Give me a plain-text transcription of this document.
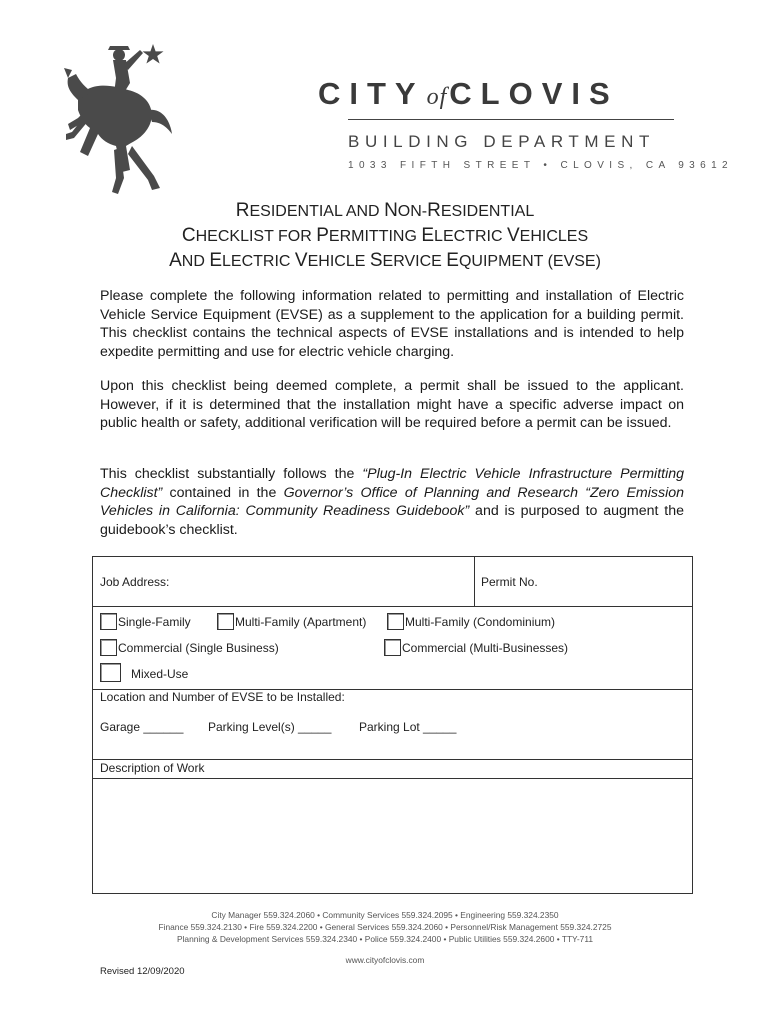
CITYofCLOVIS
BUILDING DEPARTMENT
1033 FIFTH STREET • CLOVIS, CA 93612
RESIDENTIAL AND NON-RESIDENTIAL
CHECKLIST FOR PERMITTING ELECTRIC VEHICLES
AND ELECTRIC VEHICLE SERVICE EQUIPMENT (EVSE)

Please complete the following information related to permitting and installation of Electric Vehicle Service Equipment (EVSE) as a supplement to the application for a building permit. This checklist contains the technical aspects of EVSE installations and is intended to help expedite permitting and use for electric vehicle charging.

Upon this checklist being deemed complete, a permit shall be issued to the applicant. However, if it is determined that the installation might have a specific adverse impact on public health or safety, additional verification will be required before a permit can be issued.

This checklist substantially follows the “Plug-In Electric Vehicle Infrastructure Permitting Checklist” contained in the Governor’s Office of Planning and Research “Zero Emission Vehicles in California: Community Readiness Guidebook” and is purposed to augment the guidebook’s checklist.

Job Address:	Permit No.
Single-Family	Multi-Family (Apartment)	Multi-Family (Condominium)
Commercial (Single Business)	Commercial (Multi-Businesses)
Mixed-Use
Location and Number of EVSE to be Installed:
Garage ______ Parking Level(s) _____ Parking Lot _____
Description of Work
City Manager 559.324.2060 • Community Services 559.324.2095 • Engineering 559.324.2350
Finance 559.324.2130 • Fire 559.324.2200 • General Services 559.324.2060 • Personnel/Risk Management 559.324.2725
Planning & Development Services 559.324.2340 • Police 559.324.2400 • Public Utilities 559.324.2600 • TTY-711
www.cityofclovis.com
Revised 12/09/2020
